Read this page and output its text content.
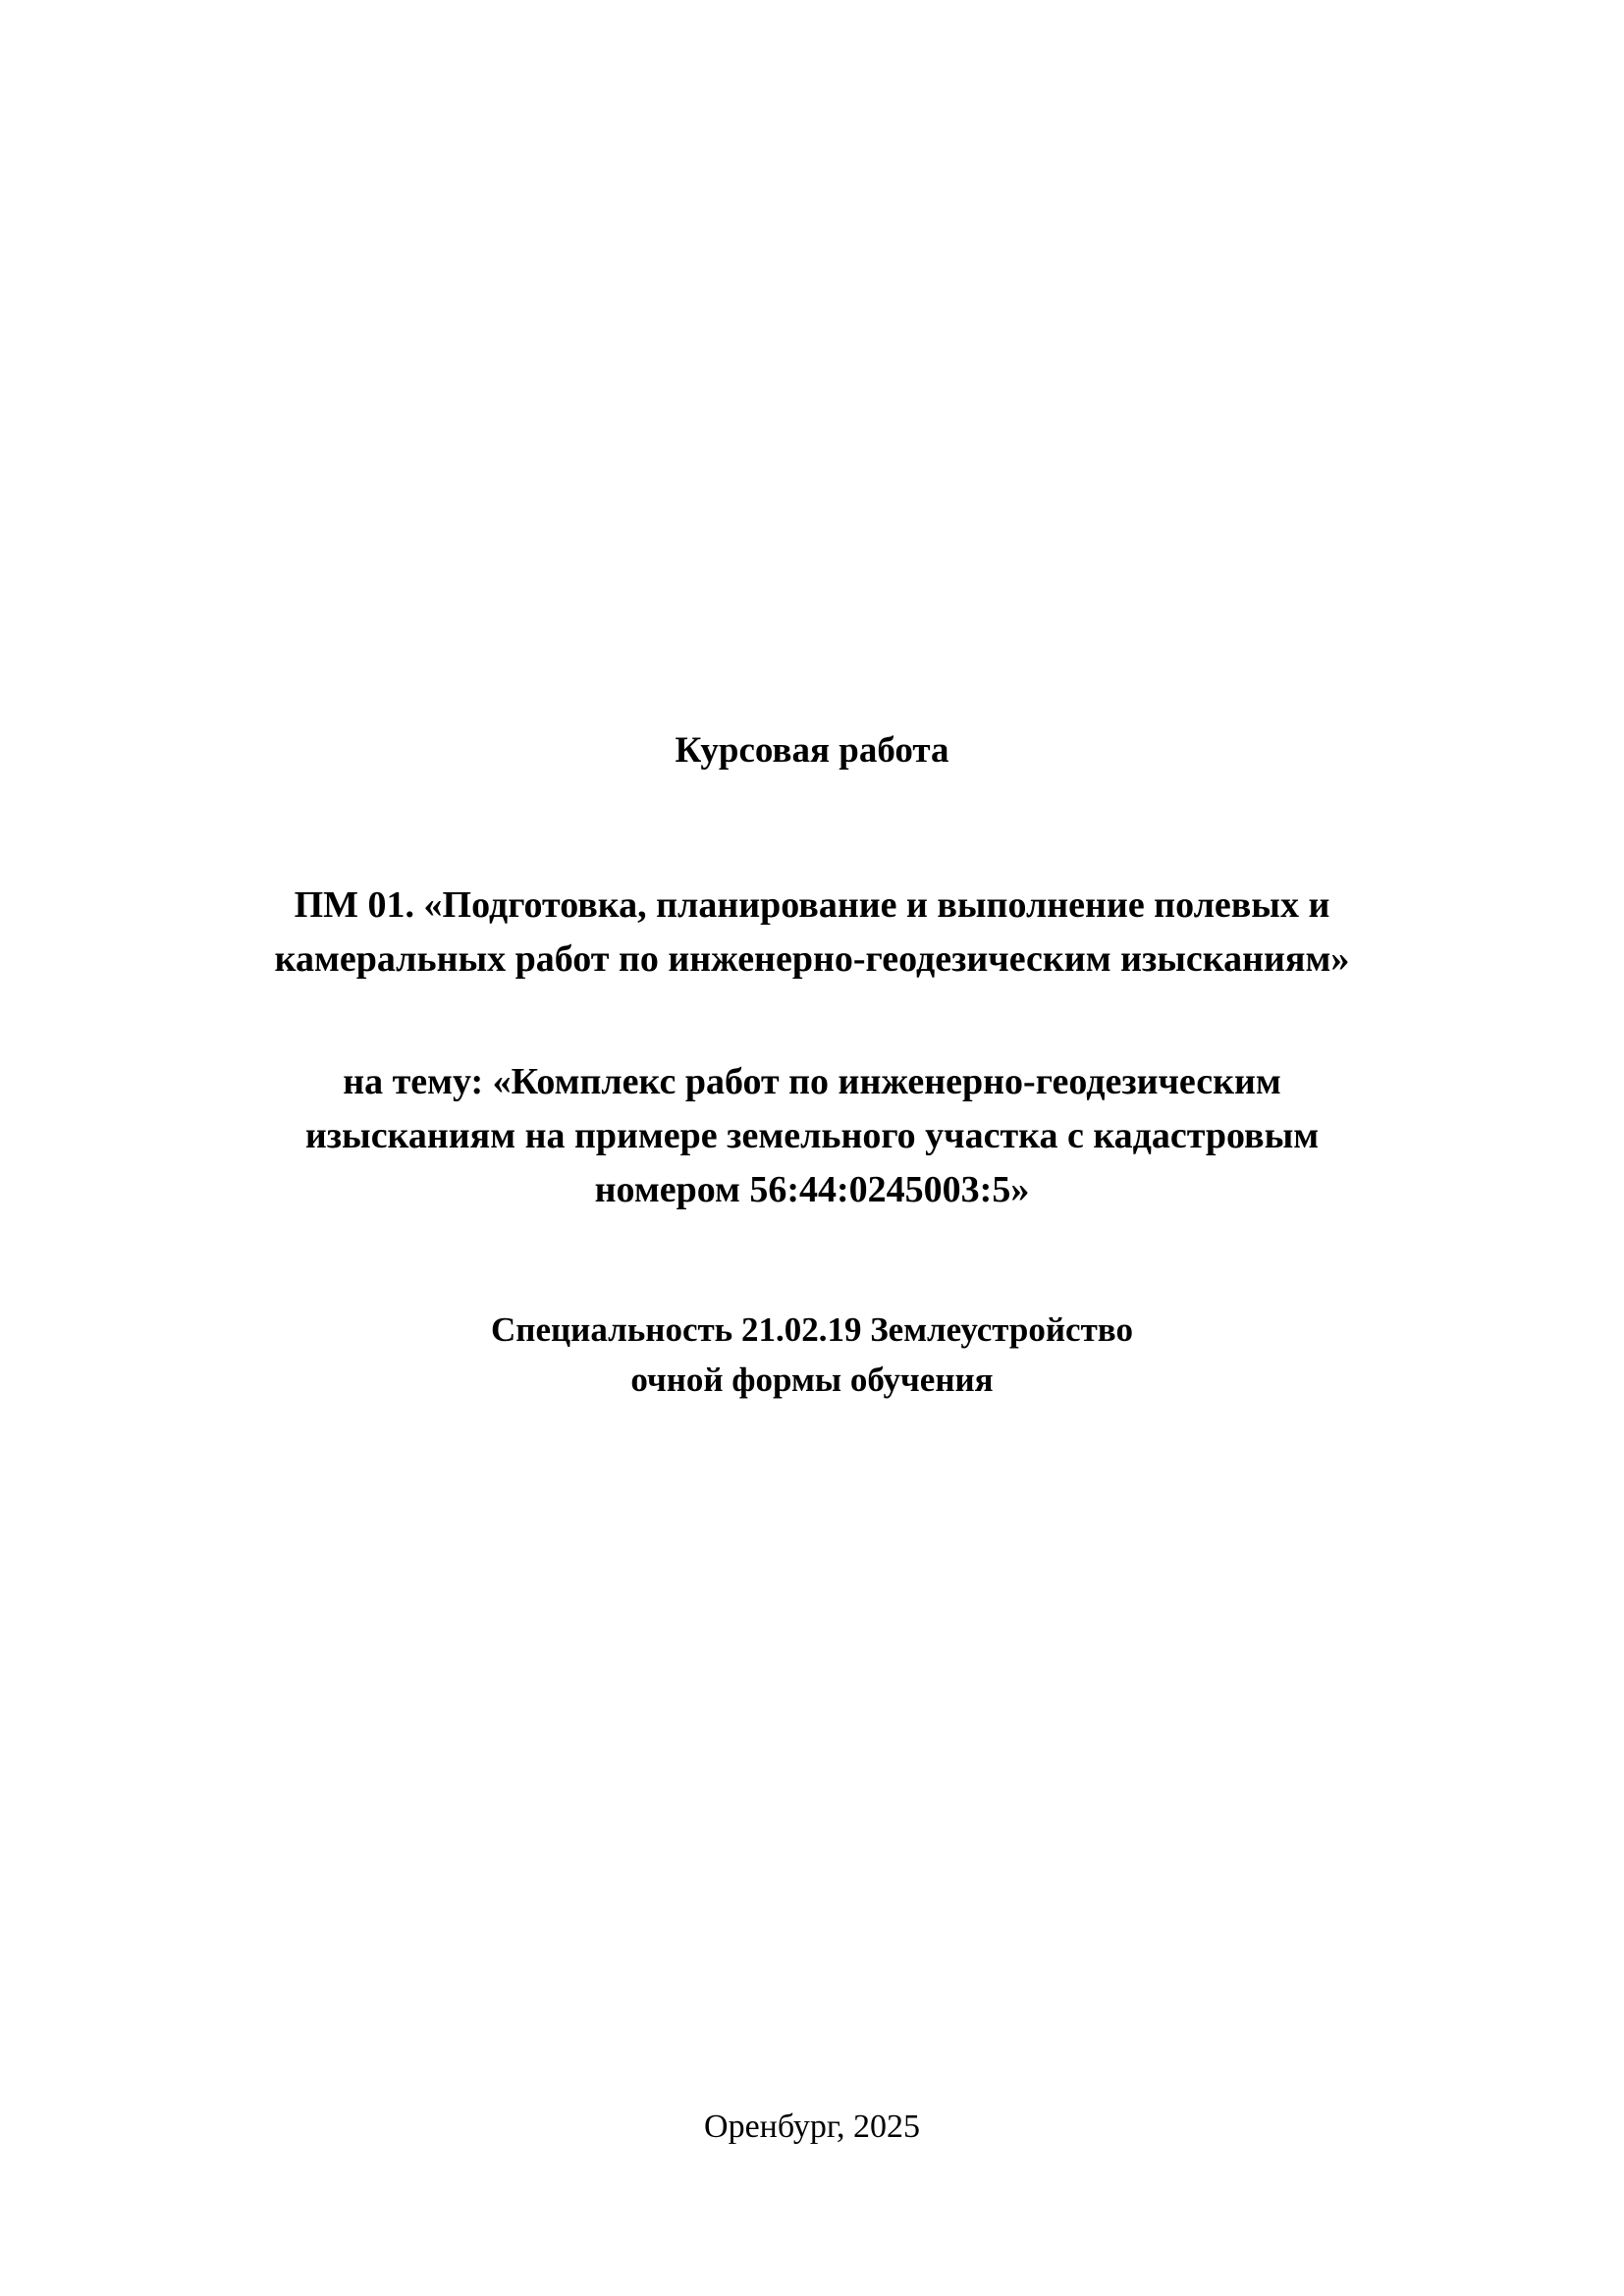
Курсовая работа
ПМ 01. «Подготовка, планирование и выполнение полевых и
камеральных работ по инженерно-геодезическим изысканиям»
на тему: «Комплекс работ по инженерно-геодезическим
изысканиям на примере земельного участка с кадастровым
номером 56:44:0245003:5»
Специальность 21.02.19 Землеустройство
очной формы обучения
Оренбург, 2025
